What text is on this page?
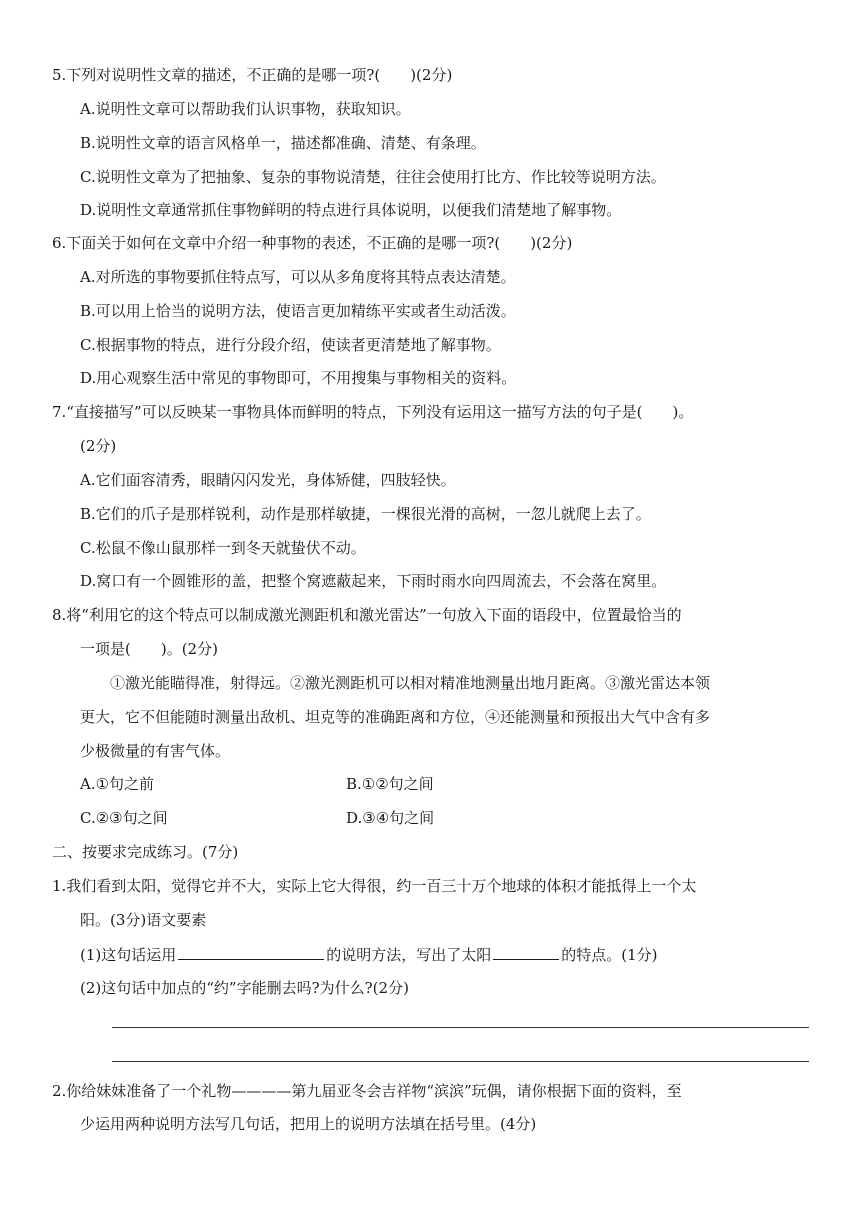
5.下列对说明性文章的描述，不正确的是哪一项?(　　)(2分)
A.说明性文章可以帮助我们认识事物，获取知识。
B.说明性文章的语言风格单一，描述都准确、清楚、有条理。
C.说明性文章为了把抽象、复杂的事物说清楚，往往会使用打比方、作比较等说明方法。
D.说明性文章通常抓住事物鲜明的特点进行具体说明，以便我们清楚地了解事物。
6.下面关于如何在文章中介绍一种事物的表述，不正确的是哪一项?(　　)(2分)
A.对所选的事物要抓住特点写，可以从多角度将其特点表达清楚。
B.可以用上恰当的说明方法，使语言更加精练平实或者生动活泼。
C.根据事物的特点，进行分段介绍，使读者更清楚地了解事物。
D.用心观察生活中常见的事物即可，不用搜集与事物相关的资料。
7.“直接描写”可以反映某一事物具体而鲜明的特点，下列没有运用这一描写方法的句子是(　　)。
(2分)
A.它们面容清秀，眼睛闪闪发光，身体矫健，四肢轻快。
B.它们的爪子是那样锐利，动作是那样敏捷，一棵很光滑的高树，一忽儿就爬上去了。
C.松鼠不像山鼠那样一到冬天就蛰伏不动。
D.窝口有一个圆锥形的盖，把整个窝遮蔽起来，下雨时雨水向四周流去，不会落在窝里。
8.将“利用它的这个特点可以制成激光测距机和激光雷达”一句放入下面的语段中，位置最恰当的
一项是(　　)。(2分)
①激光能瞄得准，射得远。②激光测距机可以相对精准地测量出地月距离。③激光雷达本领
更大，它不但能随时测量出敌机、坦克等的准确距离和方位，④还能测量和预报出大气中含有多
少极微量的有害气体。
A.①句之前	B.①②句之间
C.②③句之间	D.③④句之间
二、按要求完成练习。(7分)
1.我们看到太阳，觉得它并不大，实际上它大得很，约一百三十万个地球的体积才能抵得上一个太
阳。(3分)语文要素
(1)这句话运用	的说明方法，写出了太阳	的特点。(1分)
(2)这句话中加点的“约”字能删去吗?为什么?(2分)
2.你给妹妹准备了一个礼物————第九届亚冬会吉祥物“滨滨”玩偶，请你根据下面的资料，至
少运用两种说明方法写几句话，把用上的说明方法填在括号里。(4分)
